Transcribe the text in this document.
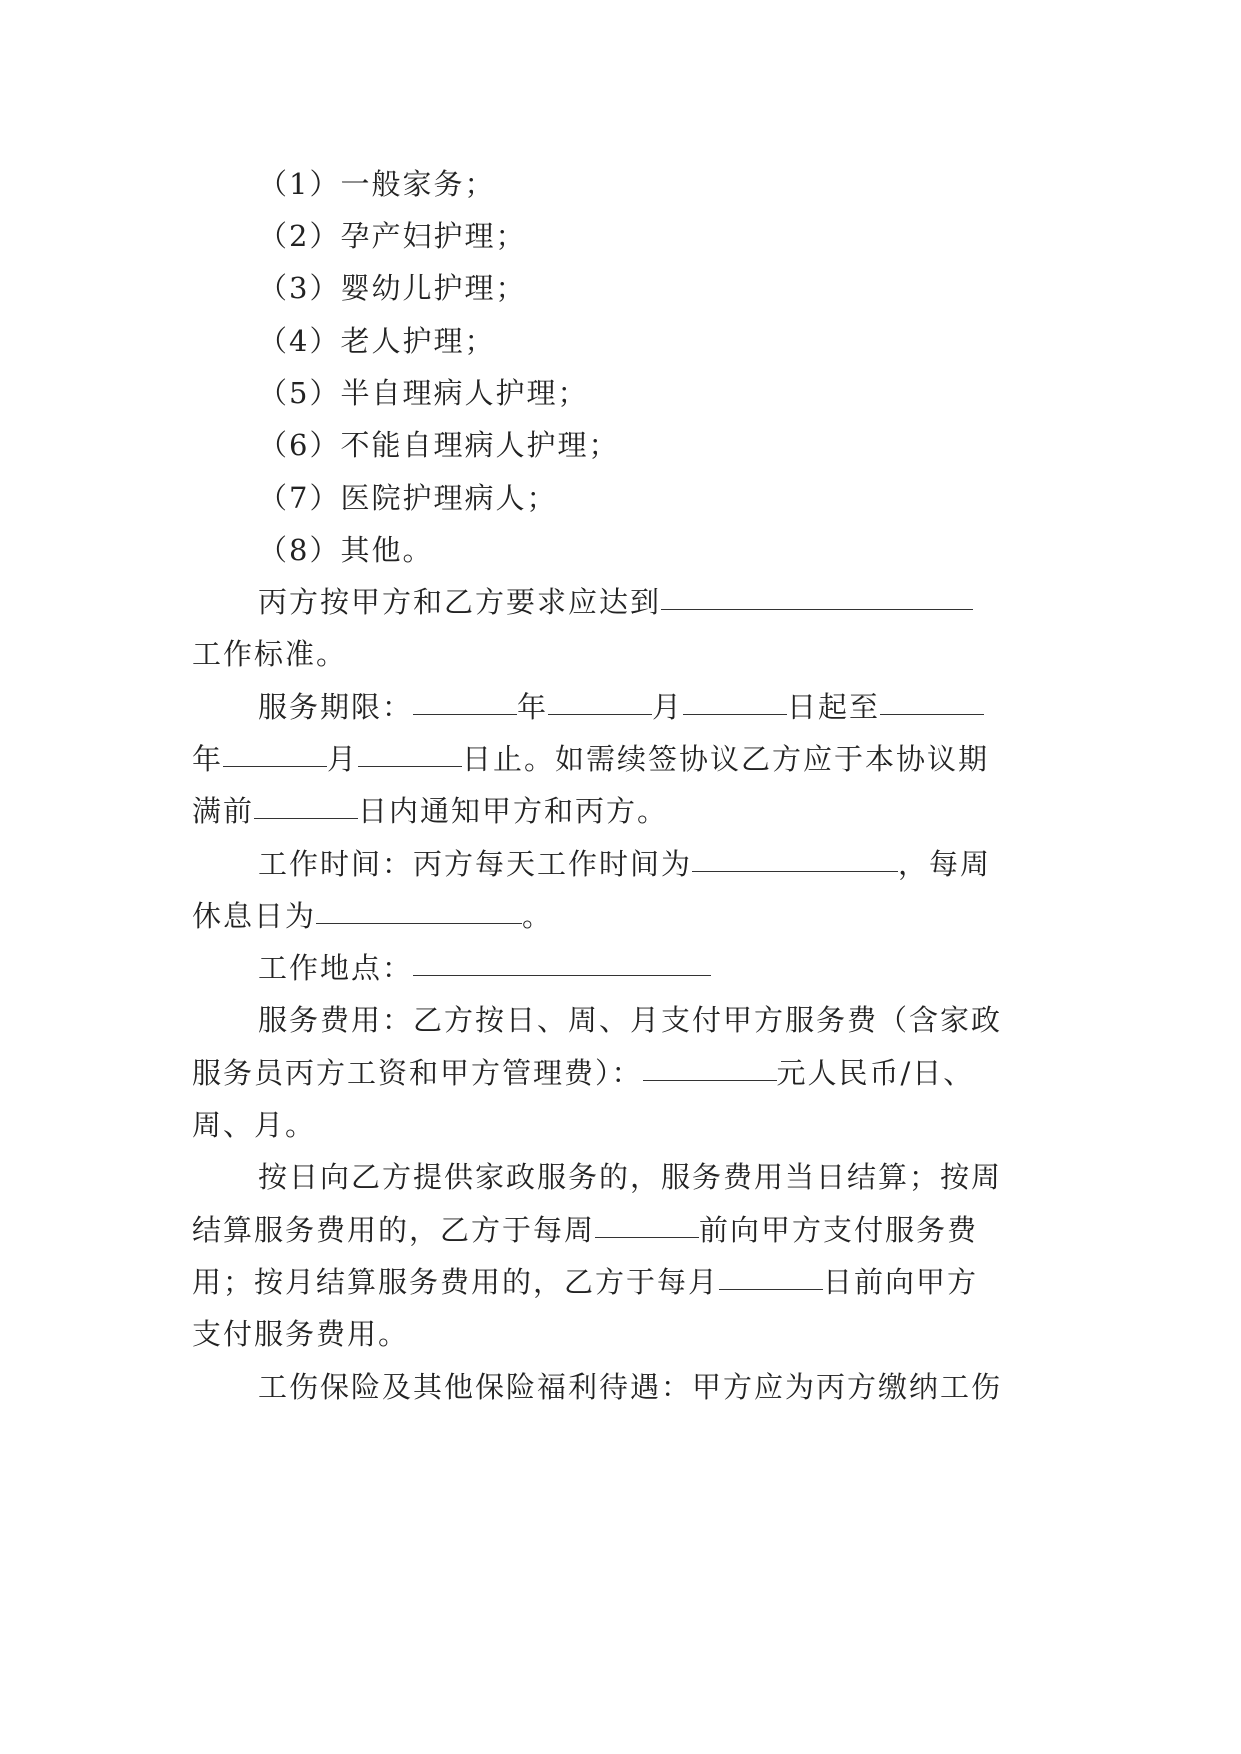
（1）一般家务；
（2）孕产妇护理；
（3）婴幼儿护理；
（4）老人护理；
（5）半自理病人护理；
（6）不能自理病人护理；
（7）医院护理病人；
（8）其他。
丙方按甲方和乙方要求应达到
工作标准。
服务期限：	年	月	日起至
年	月	日止。如需续签协议乙方应于本协议期
满前	日内通知甲方和丙方。
工作时间：丙方每天工作时间为	，每周
休息日为	。
工作地点：
服务费用：乙方按日、周、月支付甲方服务费（含家政
服务员丙方工资和甲方管理费）：	元人民币/日、
周、月。
按日向乙方提供家政服务的，服务费用当日结算；按周
结算服务费用的，乙方于每周	前向甲方支付服务费
用；按月结算服务费用的，乙方于每月	日前向甲方
支付服务费用。
工伤保险及其他保险福利待遇：甲方应为丙方缴纳工伤
